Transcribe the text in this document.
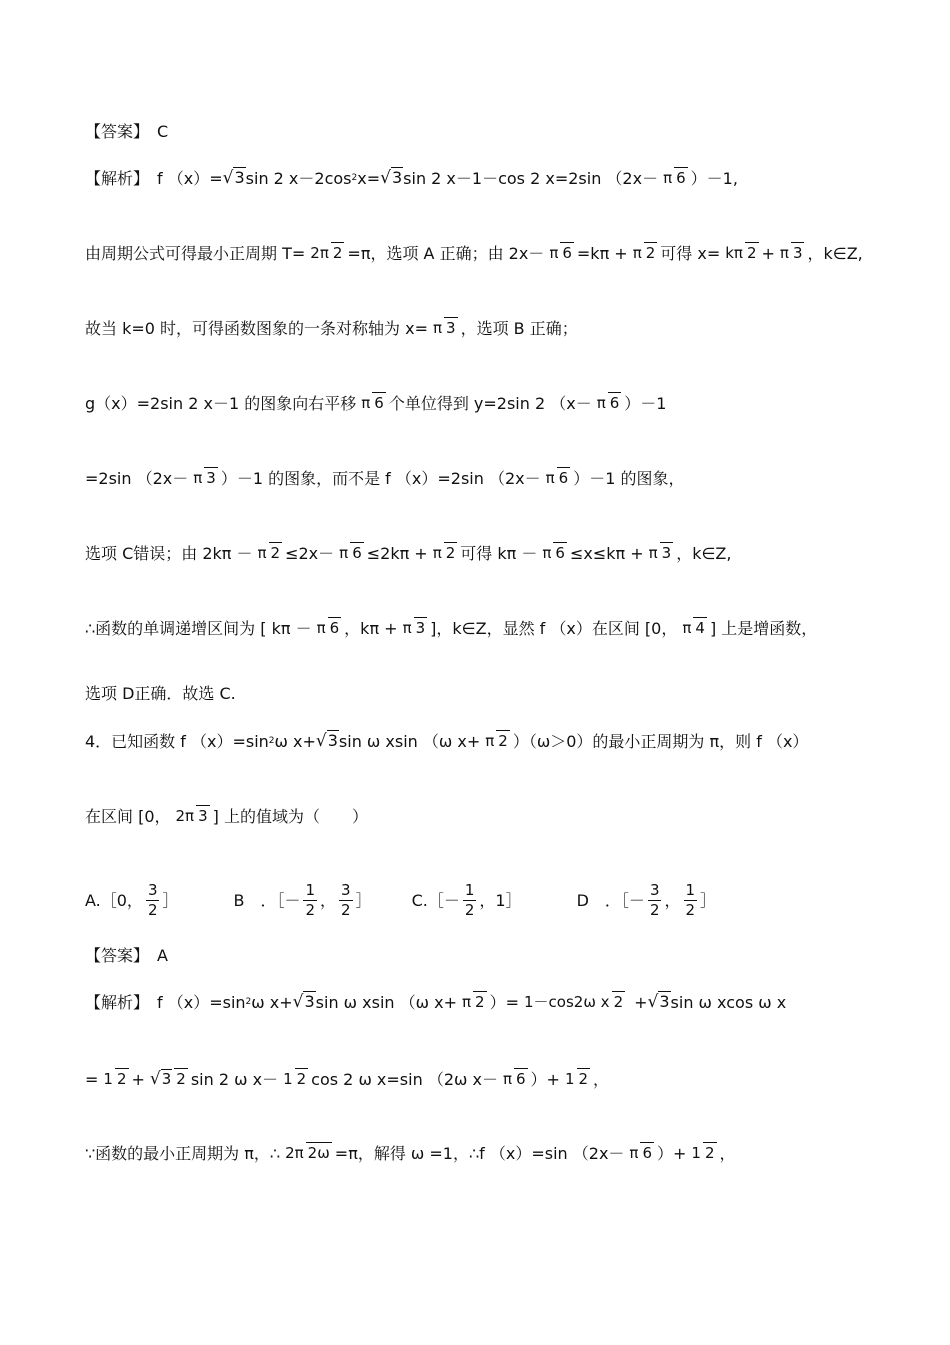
【答案】 C
【解析】 f （x）= √3 sin 2 x－2cos 2 x= √3 sin 2 x－1－cos 2 x=2sin （2x－ π 6 ）－1,
由周期公式可得最小正周期 T= 2π 2 =π，选项 A 正确；由 2x－ π 6 =kπ + π 2 可得 x= kπ 2 + π 3 ，k∈Z,
故当 k=0 时，可得函数图象的一条对称轴为 x= π 3 ，选项 B 正确；
g（x）=2sin 2 x－1 的图象向右平移 π 6 个单位得到 y=2sin 2 （x－ π 6 ）－1
=2sin （2x－ π 3 ）－1 的图象，而不是 f （x）=2sin （2x－ π 6 ）－1 的图象，
选项 C错误；由 2kπ － π 2 ≤2x－ π 6 ≤2kπ + π 2 可得 kπ － π 6 ≤x≤kπ + π 3 ，k∈Z,
∴函数的单调递增区间为 [ kπ － π 6 ，kπ + π 3 ]，k∈Z，显然 f （x）在区间 [0， π 4 ] 上是增函数，
选项 D正确．故选 C.
4．已知函数 f （x）=sin 2 ω x+ √3 sin ω xsin （ω x+ π 2 ）（ω＞0）的最小正周期为 π，则 f （x）
在区间 [0， 2π 3 ] 上的值域为（　　）
A.［0， $\frac{3}{2}$ ］	B　．［－ $\frac{1}{2}$ ， $\frac{3}{2}$ ］	C.［－ $\frac{1}{2}$ ，1］	D　．［－ $\frac{3}{2}$ ， $\frac{1}{2}$ ］
【答案】 A
【解析】 f （x）=sin 2 ω x+ √3 sin ω xsin （ω x+ π 2 ）= 1－cos2ω x 2 + √3 sin ω xcos ω x
= 1 2 + √3 2 sin 2 ω x－ 1 2 cos 2 ω x=sin （2ω x－ π 6 ）+ 1 2 ，
∵函数的最小正周期为 π，∴ 2π 2ω =π，解得 ω =1，∴f （x）=sin （2x－ π 6 ）+ 1 2 ，
